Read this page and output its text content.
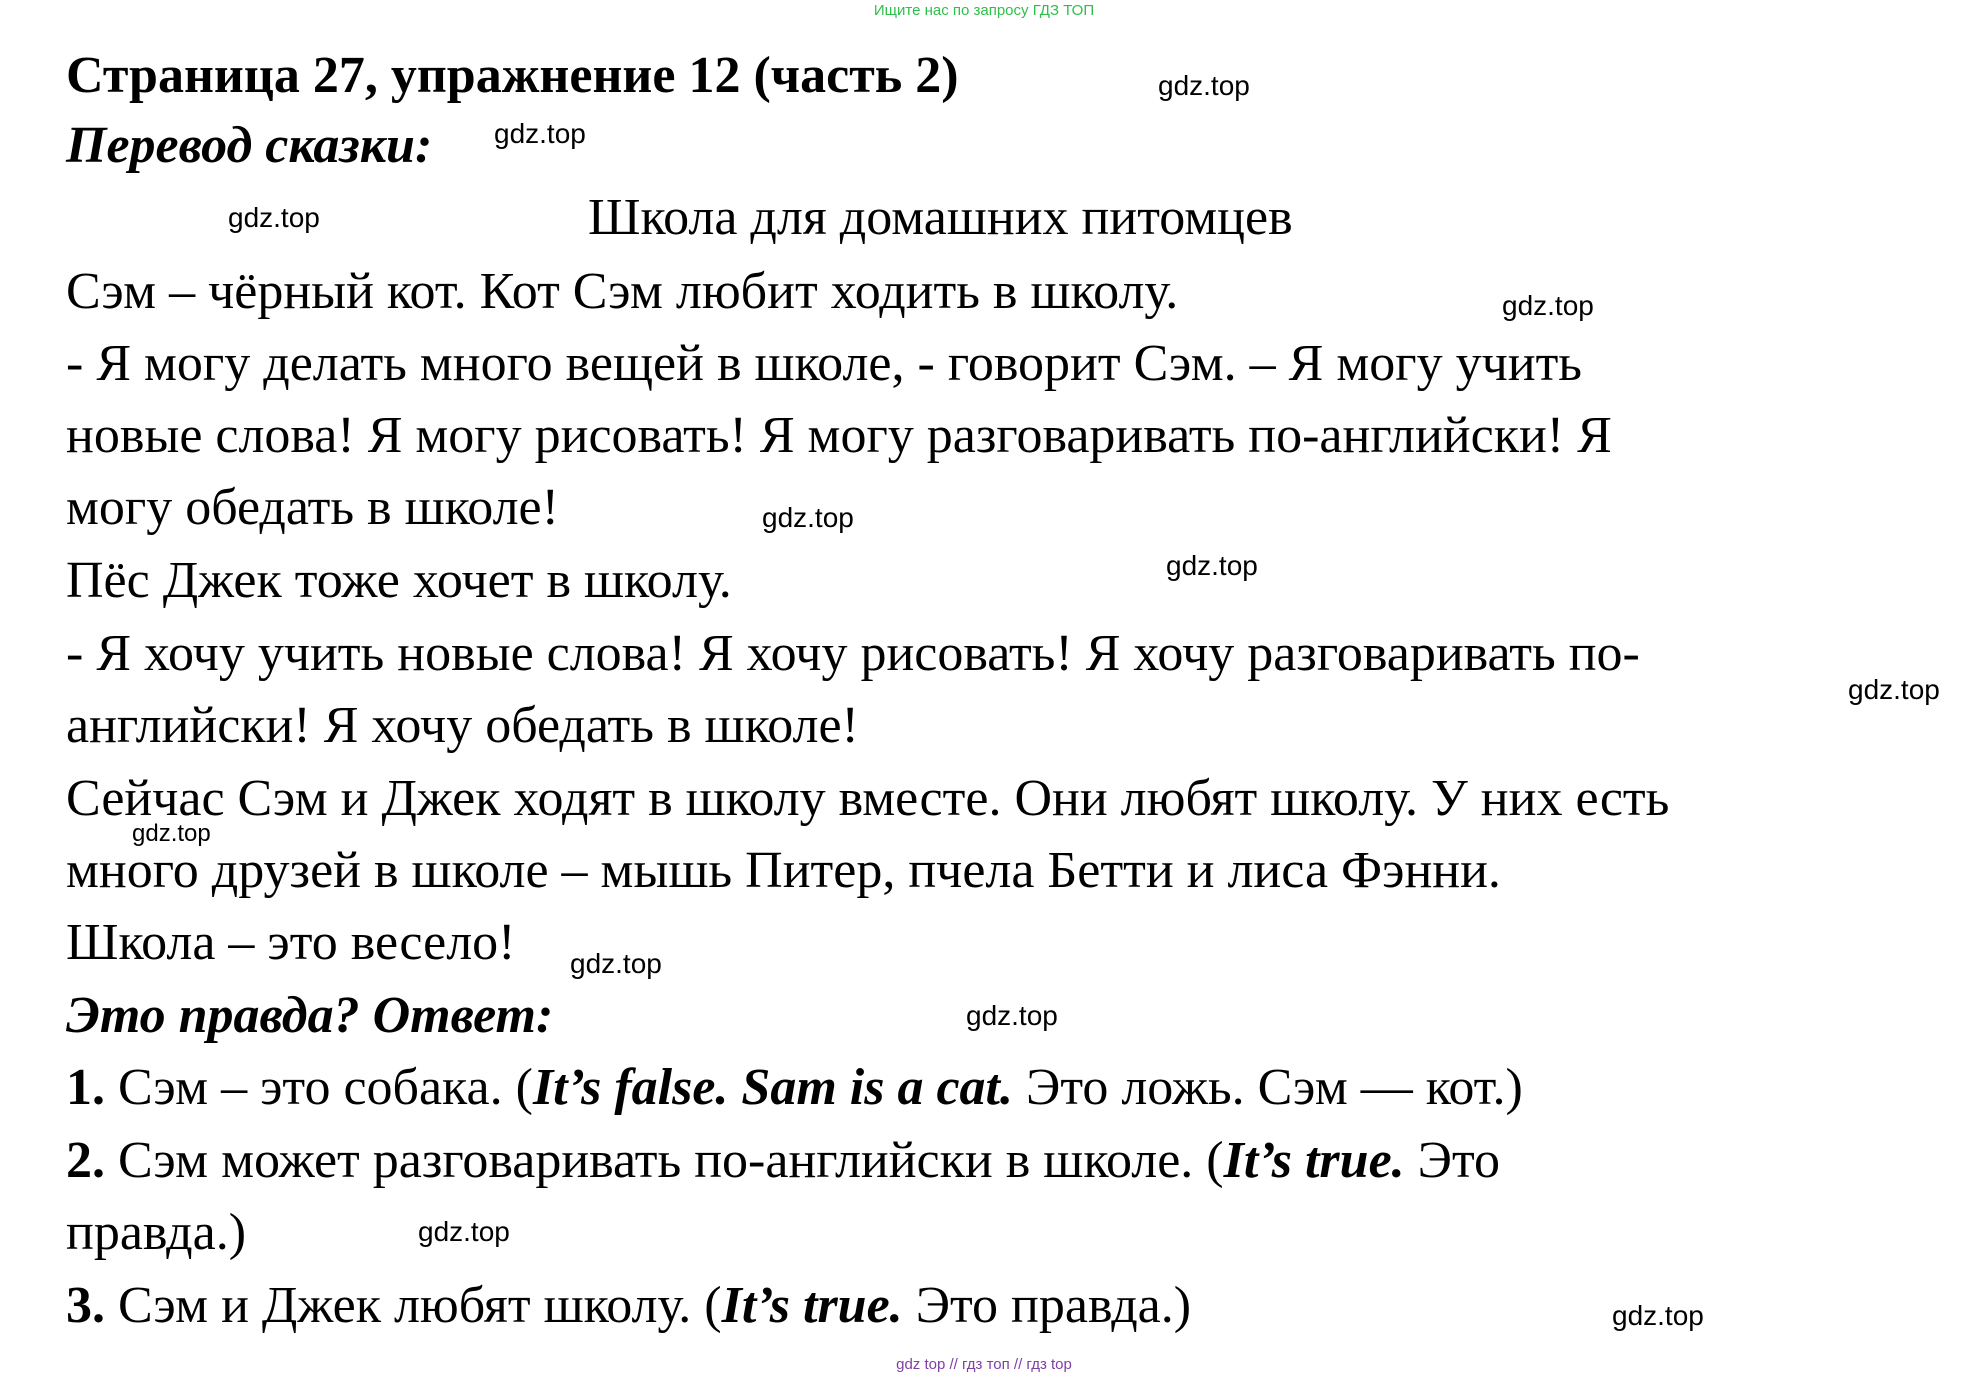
Ищите нас по запросу ГДЗ ТОП
Страница 27, упражнение 12 (часть 2)
Перевод сказки:
Школа для домашних питомцев
Сэм – чёрный кот. Кот Сэм любит ходить в школу.
- Я могу делать много вещей в школе, - говорит Сэм. – Я могу учить
новые слова! Я могу рисовать! Я могу разговаривать по-английски! Я
могу обедать в школе!
Пёс Джек тоже хочет в школу.
- Я хочу учить новые слова! Я хочу рисовать! Я хочу разговаривать по-
английски! Я хочу обедать в школе!
Сейчас Сэм и Джек ходят в школу вместе. Они любят школу. У них есть
много друзей в школе – мышь Питер, пчела Бетти и лиса Фэнни.
Школа – это весело!
Это правда? Ответ:
1. Сэм – это собака. (It’s false. Sam is a cat. Это ложь. Сэм — кот.)
2. Сэм может разговаривать по-английски в школе. (It’s true. Это
правда.)
3. Сэм и Джек любят школу. (It’s true. Это правда.)
gdz.top
gdz.top
gdz.top
gdz.top
gdz.top
gdz.top
gdz.top
gdz.top
gdz.top
gdz.top
gdz.top
gdz.top
gdz top // гдз топ // гдз top
